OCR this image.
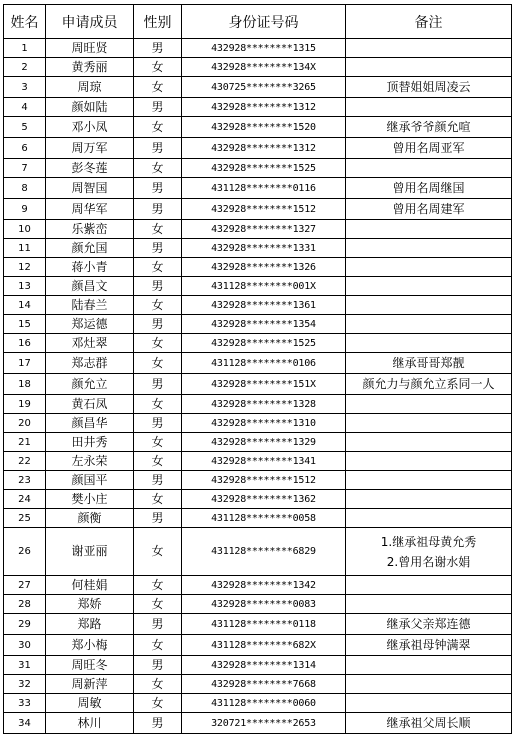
姓名	申请成员	性别	身份证号码	备注
1	周旺贤	男	432928********1315	
2	黄秀丽	女	432928********134X	
3	周琼	女	430725********3265	顶替姐姐周凌云

4	颜如陆	男	432928********1312	
5	邓小凤	女	432928********1520	继承爷爷颜允喧

6	周万军	男	432928********1312	曾用名周亚军

7	彭冬莲	女	432928********1525	
8	周智国	男	431128********0116	曾用名周继国

9	周华军	男	432928********1512	曾用名周建军

10	乐紫峦	女	432928********1327	
11	颜允国	男	432928********1331	
12	蒋小青	女	432928********1326	
13	颜昌文	男	431128********001X	
14	陆春兰	女	432928********1361	
15	郑运德	男	432928********1354	
16	邓灶翠	女	432928********1525	
17	郑志群	女	431128********0106	继承哥哥郑靓

18	颜允立	男	432928********151X	颜允力与颜允立系同一人

19	黄石凤	女	432928********1328	
20	颜昌华	男	432928********1310	
21	田井秀	女	432928********1329	
22	左永荣	女	432928********1341	
23	颜国平	男	432928********1512	
24	樊小庄	女	432928********1362	
25	颜衡	男	431128********0058	
26	谢亚丽	女	431128********6829	1.继承祖母黄允秀
2.曾用名谢水娟

27	何桂娟	女	432928********1342	
28	郑娇	女	432928********0083	
29	郑路	男	431128********0118	继承父亲郑连德

30	郑小梅	女	431128********682X	继承祖母钟满翠

31	周旺冬	男	432928********1314	
32	周新萍	女	432928********7668	
33	周敏	女	431128********0060	
34	林川	男	320721********2653	继承祖父周长顺
